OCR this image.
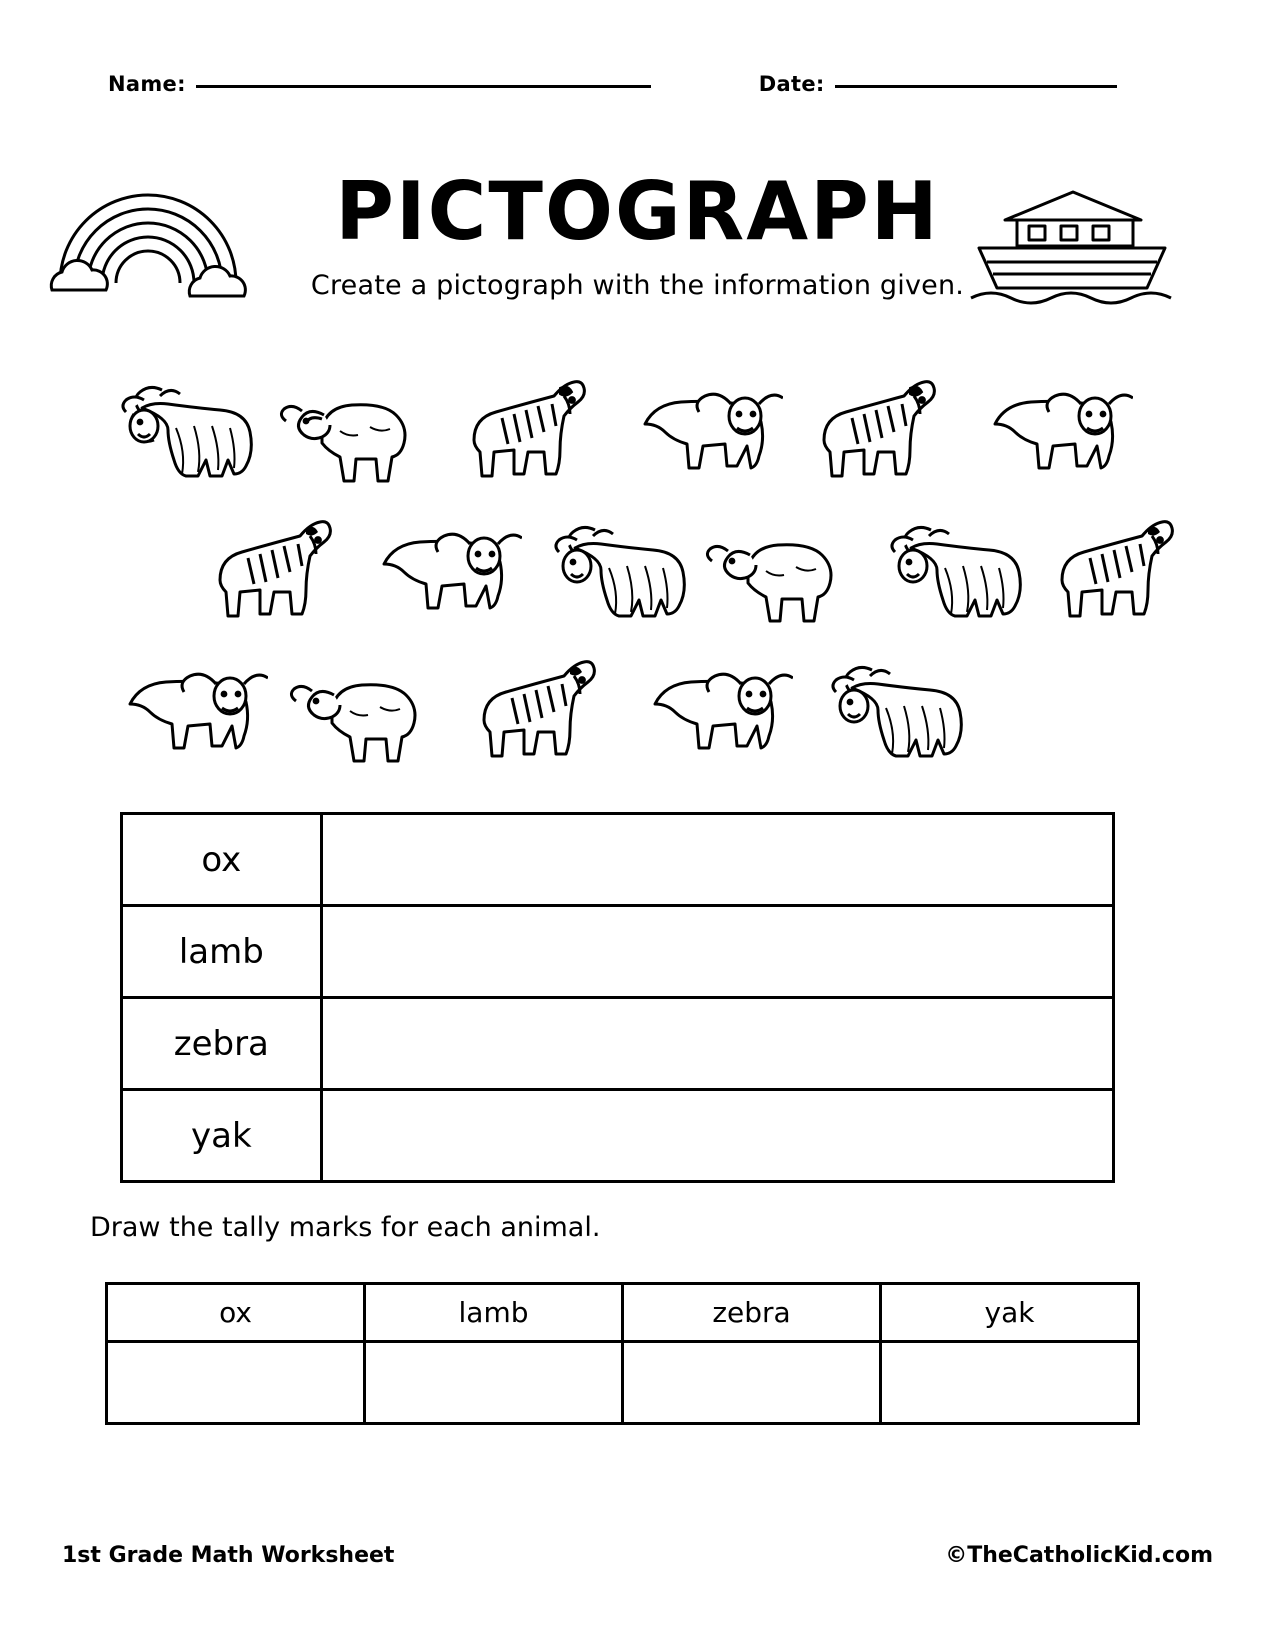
Name:	Date:
PICTOGRAPH
Create a pictograph with the information given.
ox	
lamb	
zebra	
yak	
Draw the tally marks for each animal.
ox	lamb	zebra	yak

1st Grade Math Worksheet	©TheCatholicKid.com
